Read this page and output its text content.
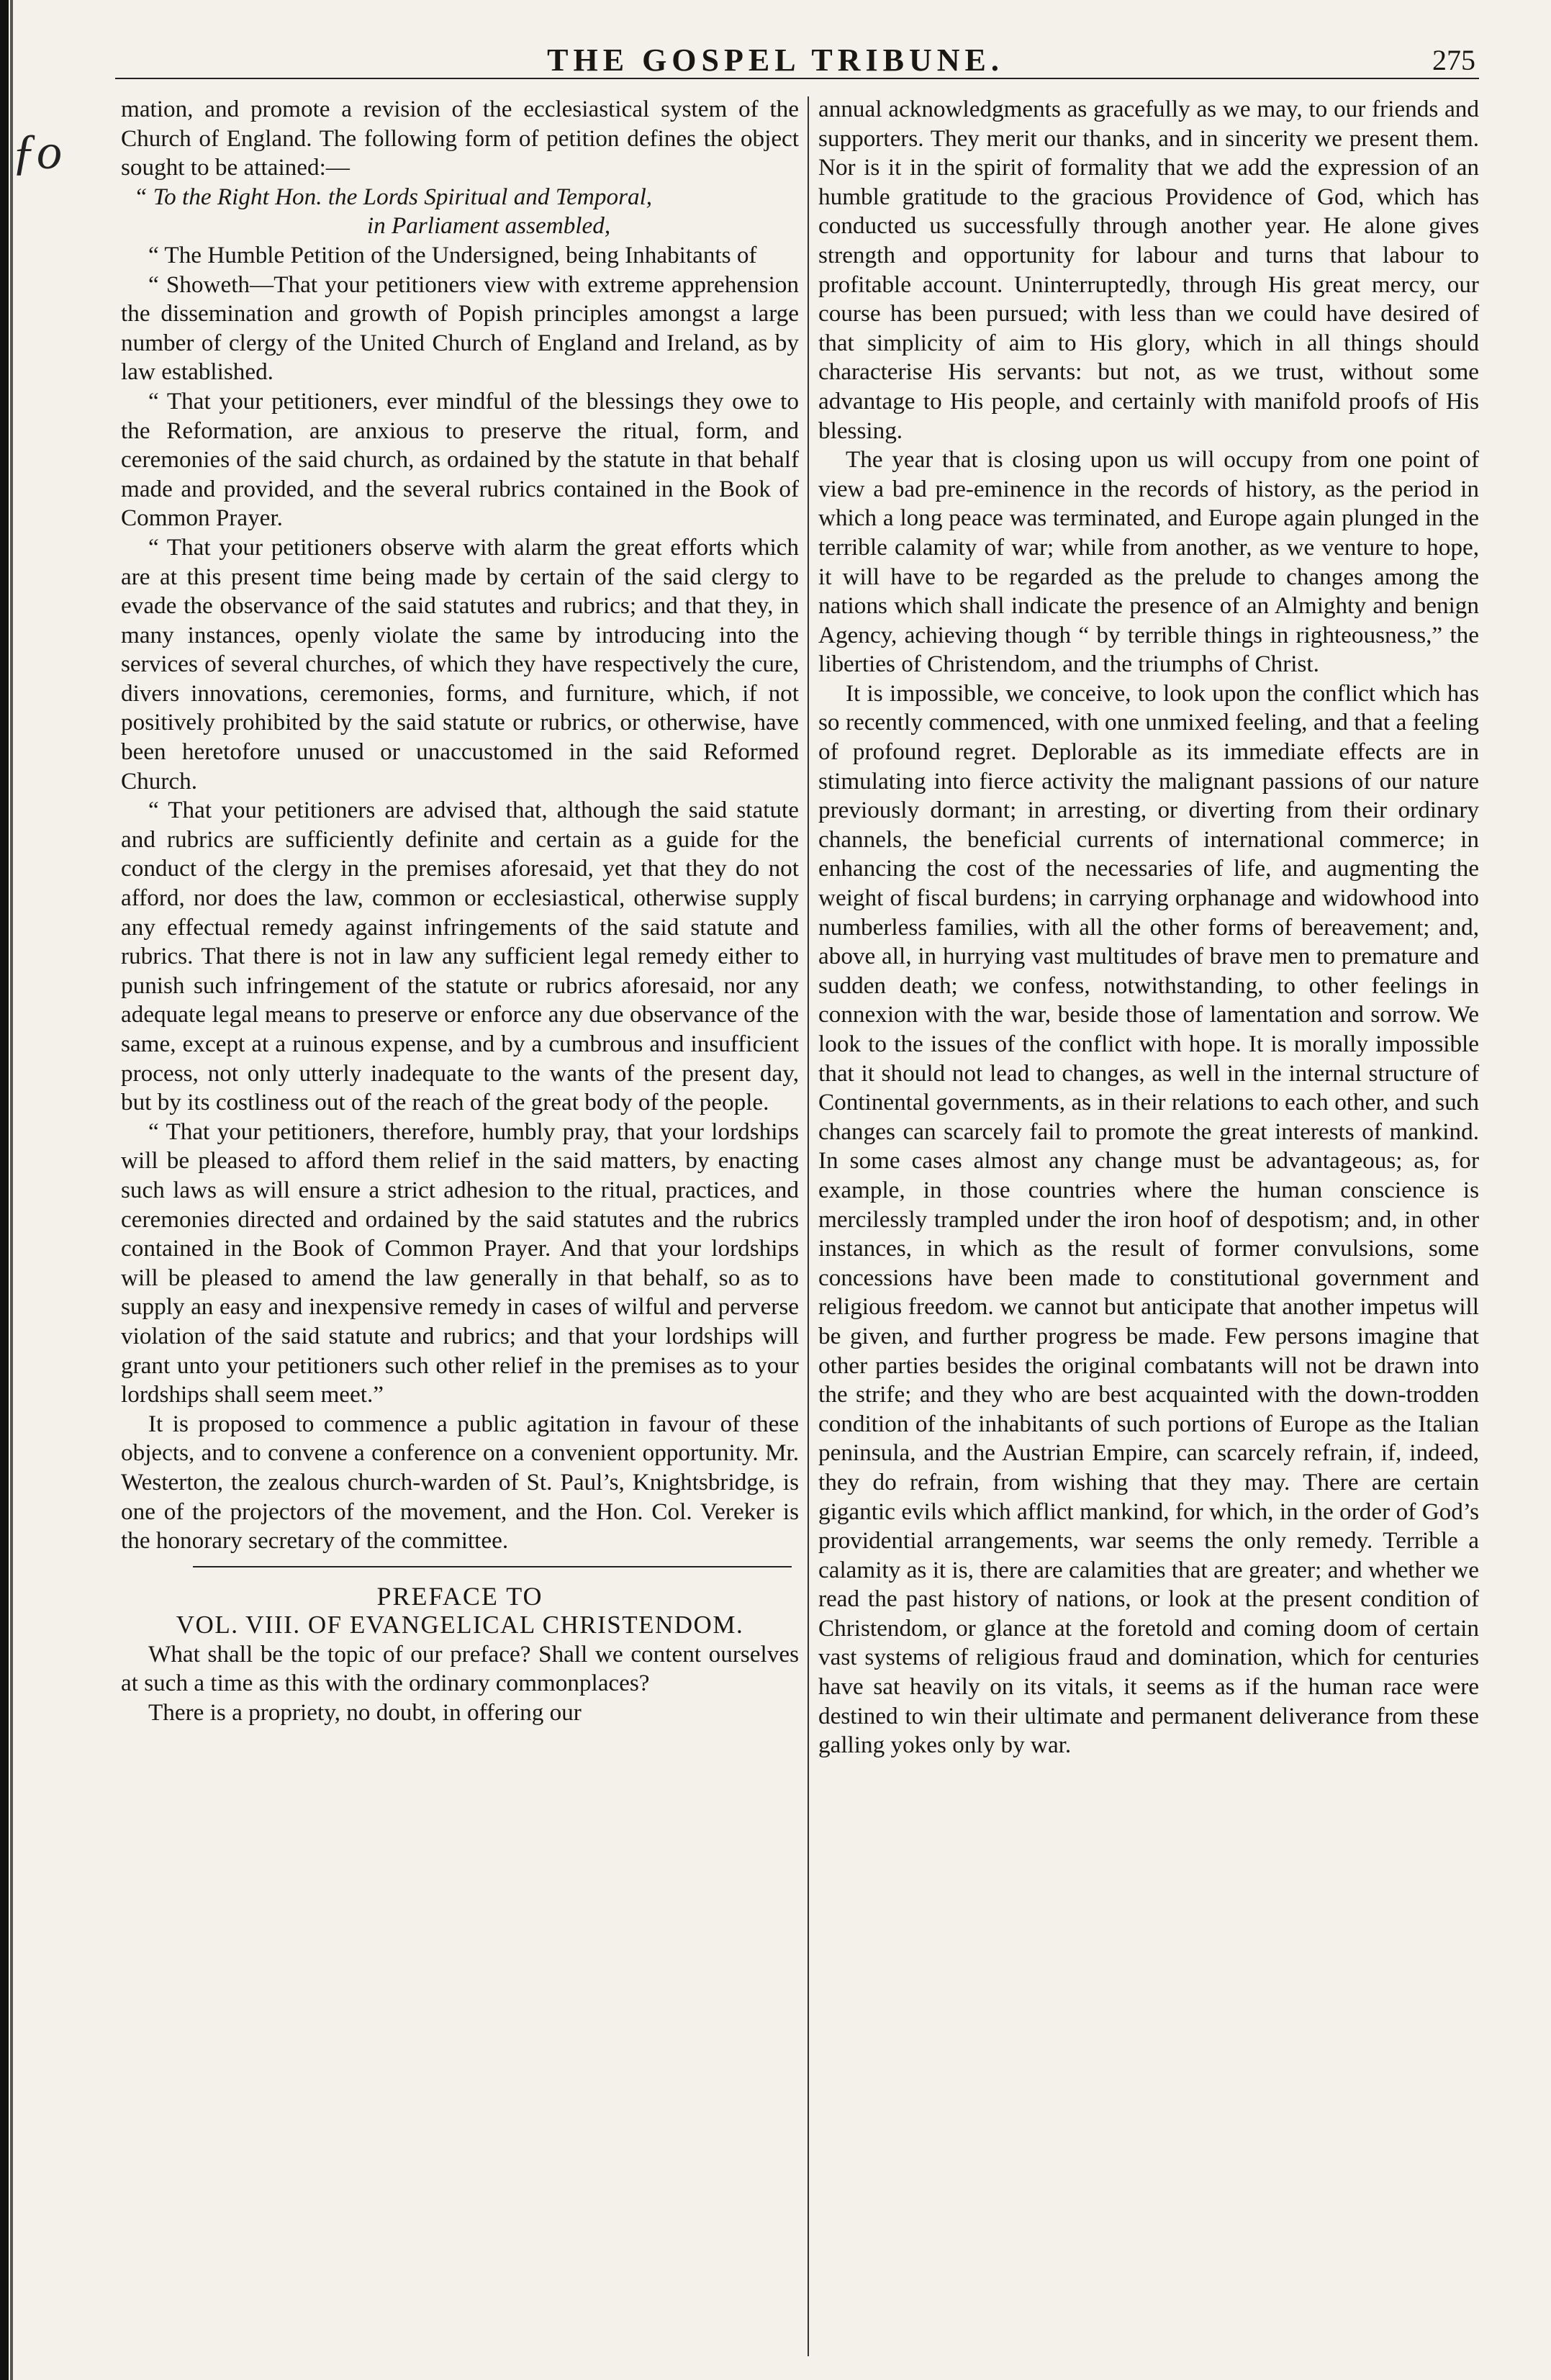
THE GOSPEL TRIBUNE.	275
ƒo

mation, and promote a revision of the ecclesiastical system of the Church of England. The following form of petition defines the object sought to be attained:—

“ To the Right Hon. the Lords Spiritual and Temporal,

in Parliament assembled,

“ The Humble Petition of the Undersigned, being Inhabitants of

“ Showeth—That your petitioners view with extreme apprehension the dissemination and growth of Popish principles amongst a large number of clergy of the United Church of England and Ireland, as by law established.

“ That your petitioners, ever mindful of the blessings they owe to the Reformation, are anxious to preserve the ritual, form, and ceremonies of the said church, as ordained by the statute in that behalf made and provided, and the several rubrics contained in the Book of Common Prayer.

“ That your petitioners observe with alarm the great efforts which are at this present time being made by certain of the said clergy to evade the observance of the said statutes and rubrics; and that they, in many instances, openly violate the same by introducing into the services of several churches, of which they have respectively the cure, divers innovations, ceremonies, forms, and furniture, which, if not positively prohibited by the said statute or rubrics, or otherwise, have been heretofore unused or unaccustomed in the said Reformed Church.

“ That your petitioners are advised that, although the said statute and rubrics are sufficiently definite and certain as a guide for the conduct of the clergy in the premises aforesaid, yet that they do not afford, nor does the law, common or ecclesiastical, otherwise supply any effectual remedy against infringements of the said statute and rubrics. That there is not in law any sufficient legal remedy either to punish such infringement of the statute or rubrics aforesaid, nor any adequate legal means to preserve or enforce any due observance of the same, except at a ruinous expense, and by a cumbrous and insufficient process, not only utterly inadequate to the wants of the present day, but by its costliness out of the reach of the great body of the people.

“ That your petitioners, therefore, humbly pray, that your lordships will be pleased to afford them relief in the said matters, by enacting such laws as will ensure a strict adhesion to the ritual, practices, and ceremonies directed and ordained by the said statutes and the rubrics contained in the Book of Common Prayer. And that your lordships will be pleased to amend the law generally in that behalf, so as to supply an easy and inexpensive remedy in cases of wilful and perverse violation of the said statute and rubrics; and that your lordships will grant unto your petitioners such other relief in the premises as to your lordships shall seem meet.”

It is proposed to commence a public agitation in favour of these objects, and to convene a conference on a convenient opportunity. Mr. Westerton, the zealous church-warden of St. Paul’s, Knightsbridge, is one of the projectors of the movement, and the Hon. Col. Vereker is the honorary secretary of the committee.

PREFACE TO

VOL. VIII. OF EVANGELICAL CHRISTENDOM.

What shall be the topic of our preface? Shall we content ourselves at such a time as this with the ordinary commonplaces?

There is a propriety, no doubt, in offering our

annual acknowledgments as gracefully as we may, to our friends and supporters. They merit our thanks, and in sincerity we present them. Nor is it in the spirit of formality that we add the expression of an humble gratitude to the gracious Providence of God, which has conducted us successfully through another year. He alone gives strength and opportunity for labour and turns that labour to profitable account. Uninterruptedly, through His great mercy, our course has been pursued; with less than we could have desired of that simplicity of aim to His glory, which in all things should characterise His servants: but not, as we trust, without some advantage to His people, and certainly with manifold proofs of His blessing.

The year that is closing upon us will occupy from one point of view a bad pre-eminence in the records of history, as the period in which a long peace was terminated, and Europe again plunged in the terrible calamity of war; while from another, as we venture to hope, it will have to be regarded as the prelude to changes among the nations which shall indicate the presence of an Almighty and benign Agency, achieving though “ by terrible things in righteousness,” the liberties of Christendom, and the triumphs of Christ.

It is impossible, we conceive, to look upon the conflict which has so recently commenced, with one unmixed feeling, and that a feeling of profound regret. Deplorable as its immediate effects are in stimulating into fierce activity the malignant passions of our nature previously dormant; in arresting, or diverting from their ordinary channels, the beneficial currents of international commerce; in enhancing the cost of the necessaries of life, and augmenting the weight of fiscal burdens; in carrying orphanage and widowhood into numberless families, with all the other forms of bereavement; and, above all, in hurrying vast multitudes of brave men to premature and sudden death; we confess, notwithstanding, to other feelings in connexion with the war, beside those of lamentation and sorrow. We look to the issues of the conflict with hope. It is morally impossible that it should not lead to changes, as well in the internal structure of Continental governments, as in their relations to each other, and such changes can scarcely fail to promote the great interests of mankind. In some cases almost any change must be advantageous; as, for example, in those countries where the human conscience is mercilessly trampled under the iron hoof of despotism; and, in other instances, in which as the result of former convulsions, some concessions have been made to constitutional government and religious freedom. we cannot but anticipate that another impetus will be given, and further progress be made. Few persons imagine that other parties besides the original combatants will not be drawn into the strife; and they who are best acquainted with the down-trodden condition of the inhabitants of such portions of Europe as the Italian peninsula, and the Austrian Empire, can scarcely refrain, if, indeed, they do refrain, from wishing that they may. There are certain gigantic evils which afflict mankind, for which, in the order of God’s providential arrangements, war seems the only remedy. Terrible a calamity as it is, there are calamities that are greater; and whether we read the past history of nations, or look at the present condition of Christendom, or glance at the foretold and coming doom of certain vast systems of religious fraud and domination, which for centuries have sat heavily on its vitals, it seems as if the human race were destined to win their ultimate and permanent deliverance from these galling yokes only by war.
